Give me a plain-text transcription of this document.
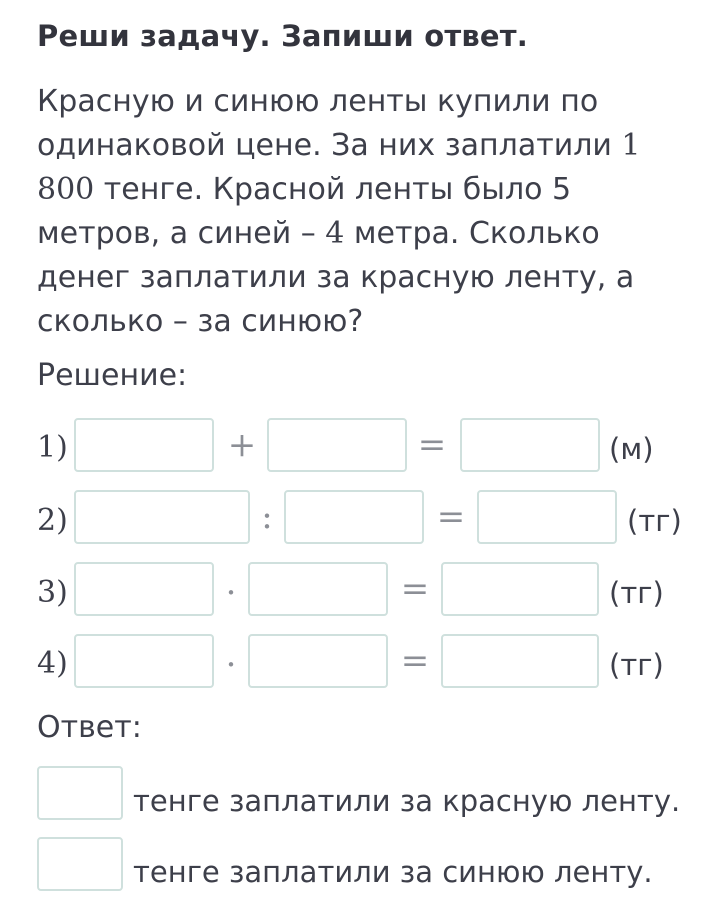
Реши задачу. Запиши ответ.
Красную и синюю ленты купили по
одинаковой цене. За них заплатили 1
800 тенге. Красной ленты было 5
метров, а синей – 4 метра. Сколько
денег заплатили за красную ленту, а
сколько – за синюю?
Решение:
1)	+	=	(м)
2)	:	=	(тг)
3)	·	=	(тг)
4)	·	=	(тг)
Ответ:
тенге заплатили за красную ленту.
тенге заплатили за синюю ленту.
